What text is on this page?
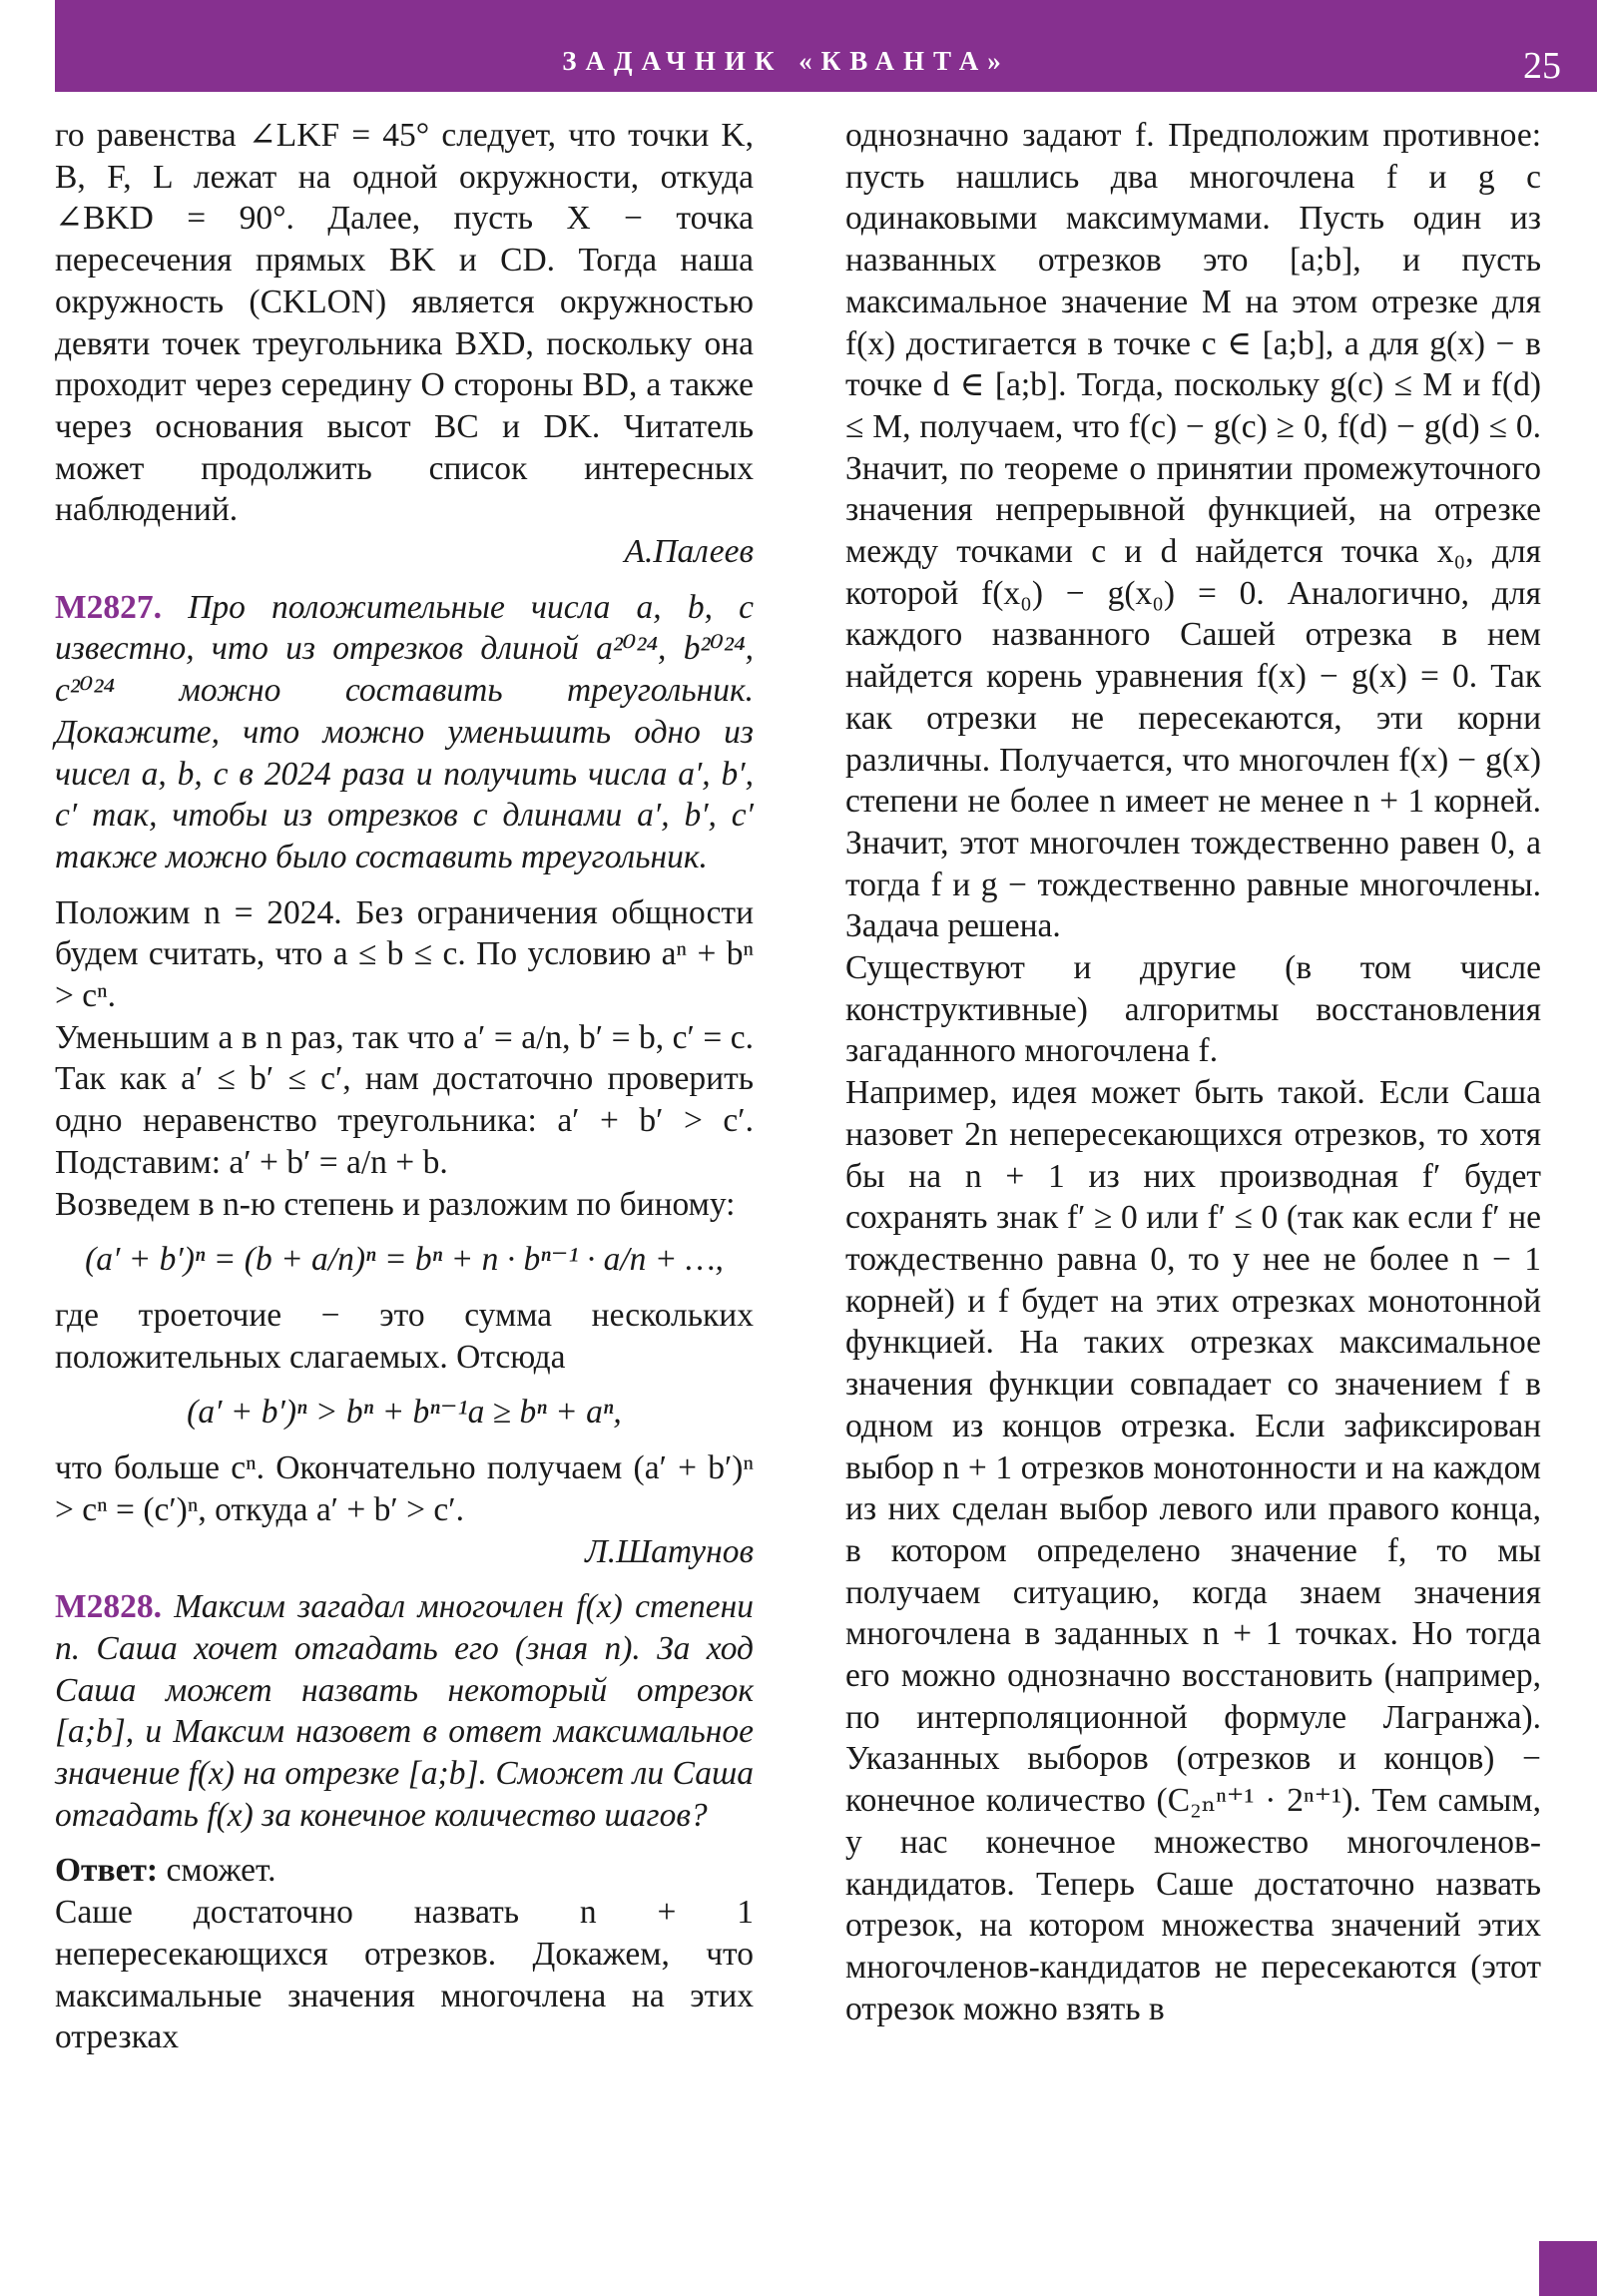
ЗАДАЧНИК «КВАНТА»	25

го равенства ∠LKF = 45° следует, что точки K, B, F, L лежат на одной окружности, откуда ∠BKD = 90°. Далее, пусть X − точка пересечения прямых BK и CD. Тогда наша окружность (CKLON) является окружностью девяти точек треугольника BXD, поскольку она проходит через середину O стороны BD, а также через основания высот BC и DK. Читатель может продолжить список интересных наблюдений.

А.Палеев

М2827. Про положительные числа a, b, c известно, что из отрезков длиной a²⁰²⁴, b²⁰²⁴, c²⁰²⁴ можно составить треугольник. Докажите, что можно уменьшить одно из чисел a, b, c в 2024 раза и получить числа a′, b′, c′ так, чтобы из отрезков с длинами a′, b′, c′ также можно было составить треугольник.

Положим n = 2024. Без ограничения общности будем считать, что a ≤ b ≤ c. По условию aⁿ + bⁿ > cⁿ.

Уменьшим a в n раз, так что a′ = a/n, b′ = b, c′ = c. Так как a′ ≤ b′ ≤ c′, нам достаточно проверить одно неравенство треугольника: a′ + b′ > c′. Подставим: a′ + b′ = a/n + b.

Возведем в n-ю степень и разложим по биному:

(a′ + b′)ⁿ = (b + a/n)ⁿ = bⁿ + n · bⁿ⁻¹ · a/n + …,

где троеточие − это сумма нескольких положительных слагаемых. Отсюда

(a′ + b′)ⁿ > bⁿ + bⁿ⁻¹a ≥ bⁿ + aⁿ,

что больше cⁿ. Окончательно получаем (a′ + b′)ⁿ > cⁿ = (c′)ⁿ, откуда a′ + b′ > c′.

Л.Шатунов

М2828. Максим загадал многочлен f(x) степени n. Саша хочет отгадать его (зная n). За ход Саша может назвать некоторый отрезок [a;b], и Максим назовет в ответ максимальное значение f(x) на отрезке [a;b]. Сможет ли Саша отгадать f(x) за конечное количество шагов?

Ответ: сможет.

Саше достаточно назвать n + 1 непересекающихся отрезков. Докажем, что максимальные значения многочлена на этих отрезках

однозначно задают f. Предположим противное: пусть нашлись два многочлена f и g с одинаковыми максимумами. Пусть один из названных отрезков это [a;b], и пусть максимальное значение M на этом отрезке для f(x) достигается в точке c ∈ [a;b], а для g(x) − в точке d ∈ [a;b]. Тогда, поскольку g(c) ≤ M и f(d) ≤ M, получаем, что f(c) − g(c) ≥ 0, f(d) − g(d) ≤ 0. Значит, по теореме о принятии промежуточного значения непрерывной функцией, на отрезке между точками c и d найдется точка x₀, для которой f(x₀) − g(x₀) = 0. Аналогично, для каждого названного Сашей отрезка в нем найдется корень уравнения f(x) − g(x) = 0. Так как отрезки не пересекаются, эти корни различны. Получается, что многочлен f(x) − g(x) степени не более n имеет не менее n + 1 корней. Значит, этот многочлен тождественно равен 0, а тогда f и g − тождественно равные многочлены. Задача решена.

Существуют и другие (в том числе конструктивные) алгоритмы восстановления загаданного многочлена f.

Например, идея может быть такой. Если Саша назовет 2n непересекающихся отрезков, то хотя бы на n + 1 из них производная f′ будет сохранять знак f′ ≥ 0 или f′ ≤ 0 (так как если f′ не тождественно равна 0, то у нее не более n − 1 корней) и f будет на этих отрезках монотонной функцией. На таких отрезках максимальное значения функции совпадает со значением f в одном из концов отрезка. Если зафиксирован выбор n + 1 отрезков монотонности и на каждом из них сделан выбор левого или правого конца, в котором определено значение f, то мы получаем ситуацию, когда знаем значения многочлена в заданных n + 1 точках. Но тогда его можно однозначно восстановить (например, по интерполяционной формуле Лагранжа). Указанных выборов (отрезков и концов) − конечное количество (C₂ₙⁿ⁺¹ · 2ⁿ⁺¹). Тем самым, у нас конечное множество многочленов-кандидатов. Теперь Саше достаточно назвать отрезок, на котором множества значений этих многочленов-кандидатов не пересекаются (этот отрезок можно взять в
